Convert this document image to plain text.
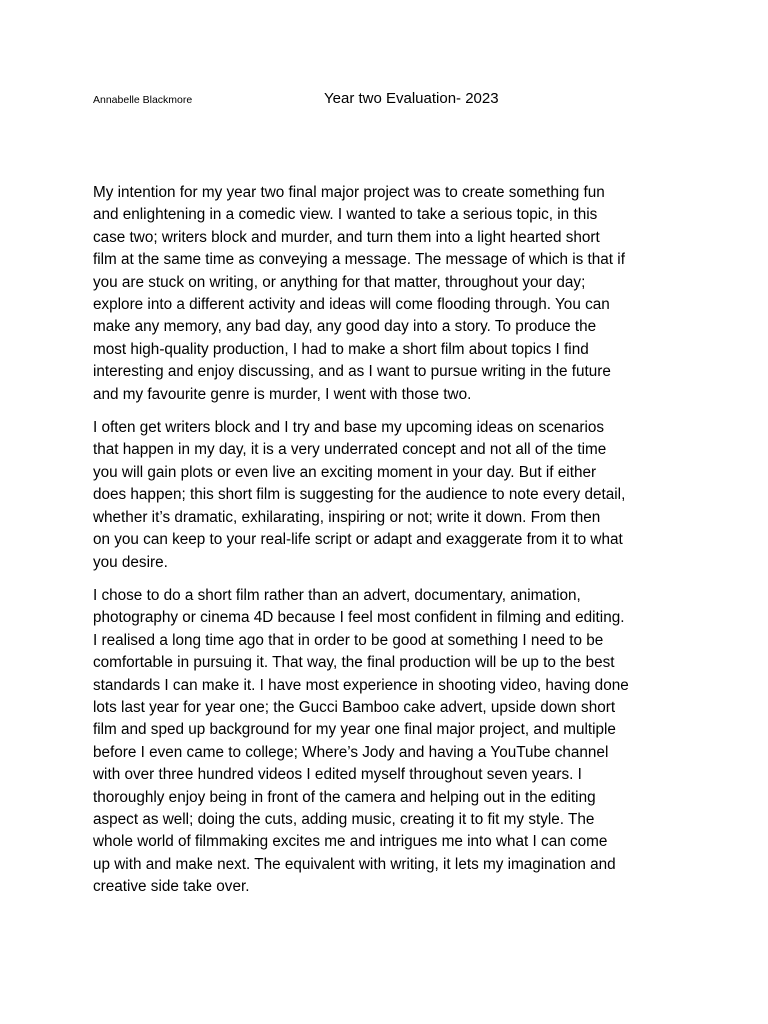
Annabelle Blackmore	Year two Evaluation- 2023
My intention for my year two final major project was to create something fun
and enlightening in a comedic view. I wanted to take a serious topic, in this
case two; writers block and murder, and turn them into a light hearted short
film at the same time as conveying a message. The message of which is that if
you are stuck on writing, or anything for that matter, throughout your day;
explore into a different activity and ideas will come flooding through. You can
make any memory, any bad day, any good day into a story. To produce the
most high-quality production, I had to make a short film about topics I find
interesting and enjoy discussing, and as I want to pursue writing in the future
and my favourite genre is murder, I went with those two.
I often get writers block and I try and base my upcoming ideas on scenarios
that happen in my day, it is a very underrated concept and not all of the time
you will gain plots or even live an exciting moment in your day. But if either
does happen; this short film is suggesting for the audience to note every detail,
whether it’s dramatic, exhilarating, inspiring or not; write it down. From then
on you can keep to your real-life script or adapt and exaggerate from it to what
you desire.
I chose to do a short film rather than an advert, documentary, animation,
photography or cinema 4D because I feel most confident in filming and editing.
I realised a long time ago that in order to be good at something I need to be
comfortable in pursuing it. That way, the final production will be up to the best
standards I can make it. I have most experience in shooting video, having done
lots last year for year one; the Gucci Bamboo cake advert, upside down short
film and sped up background for my year one final major project, and multiple
before I even came to college; Where’s Jody and having a YouTube channel
with over three hundred videos I edited myself throughout seven years. I
thoroughly enjoy being in front of the camera and helping out in the editing
aspect as well; doing the cuts, adding music, creating it to fit my style. The
whole world of filmmaking excites me and intrigues me into what I can come
up with and make next. The equivalent with writing, it lets my imagination and
creative side take over.
